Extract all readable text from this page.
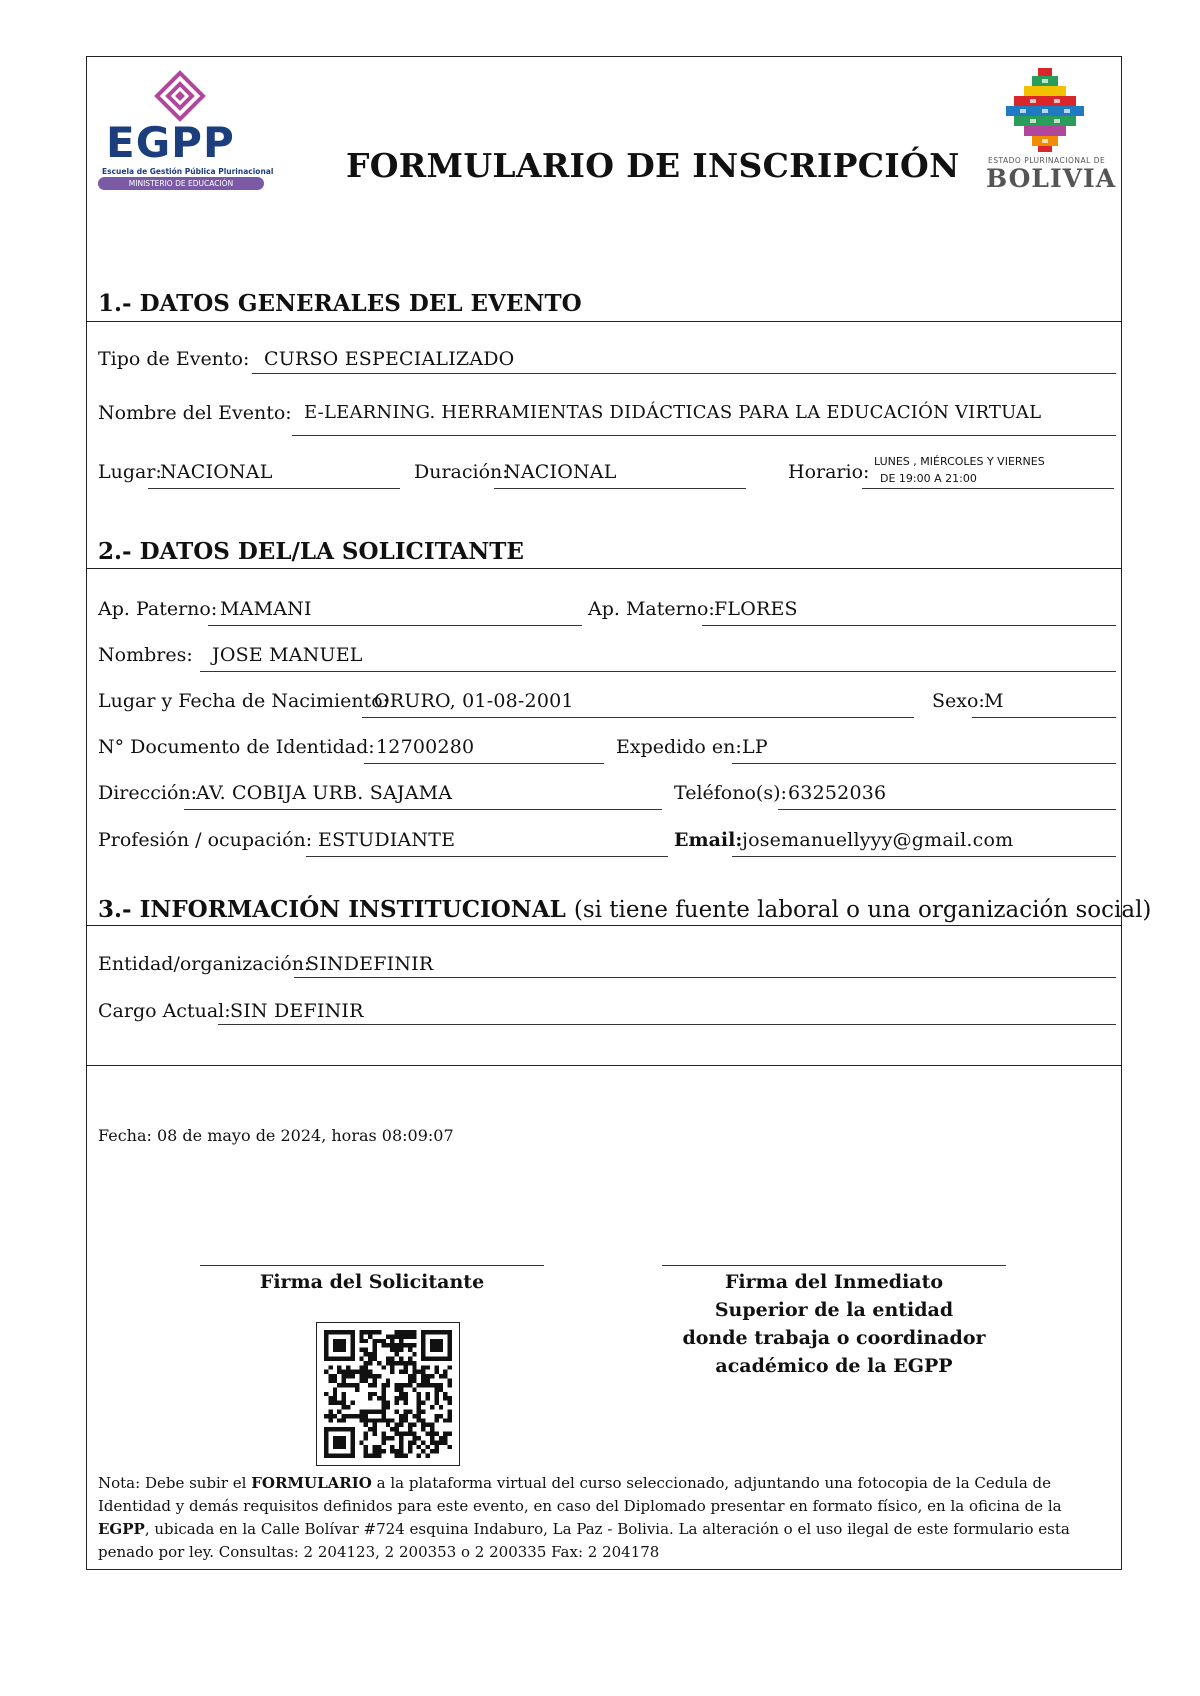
EGPP
Escuela de Gestión Pública Plurinacional
MINISTERIO DE EDUCACIÓN	FORMULARIO DE INSCRIPCIÓN	ESTADO PLURINACIONAL DE
BOLIVIA
1.- DATOS GENERALES DEL EVENTO
Tipo de Evento: CURSO ESPECIALIZADO
Nombre del Evento: E-LEARNING. HERRAMIENTAS DIDÁCTICAS PARA LA EDUCACIÓN VIRTUAL
Lugar:
NACIONAL	Duración:
NACIONAL	Horario: LUNES , MIÉRCOLES Y VIERNES
DE 19:00 A 21:00
2.- DATOS DEL/LA SOLICITANTE
Ap. Paterno: MAMANI	Ap. Materno: FLORES
Nombres: JOSE MANUEL
Lugar y Fecha de Nacimiento:
ORURO, 01-08-2001	Sexo: M
N° Documento de Identidad: 12700280	Expedido en: LP
Dirección:
AV. COBIJA URB. SAJAMA	Teléfono(s): 63252036
Profesión / ocupación: ESTUDIANTE	Email: josemanuellyyy@gmail.com
3.- INFORMACIÓN INSTITUCIONAL (si tiene fuente laboral o una organización social)
Entidad/organización:
SINDEFINIR
Cargo Actual: SIN DEFINIR
Fecha: 08 de mayo de 2024, horas 08:09:07
Firma del Solicitante	Firma del Inmediato
Superior de la entidad
donde trabaja o coordinador
académico de la EGPP
Nota: Debe subir el FORMULARIO a la plataforma virtual del curso seleccionado, adjuntando una fotocopia de la Cedula de Identidad y demás requisitos definidos para este evento, en caso del Diplomado presentar en formato físico, en la oficina de la EGPP, ubicada en la Calle Bolívar #724 esquina Indaburo, La Paz - Bolivia. La alteración o el uso ilegal de este formulario esta penado por ley. Consultas: 2 204123, 2 200353 o 2 200335 Fax: 2 204178
